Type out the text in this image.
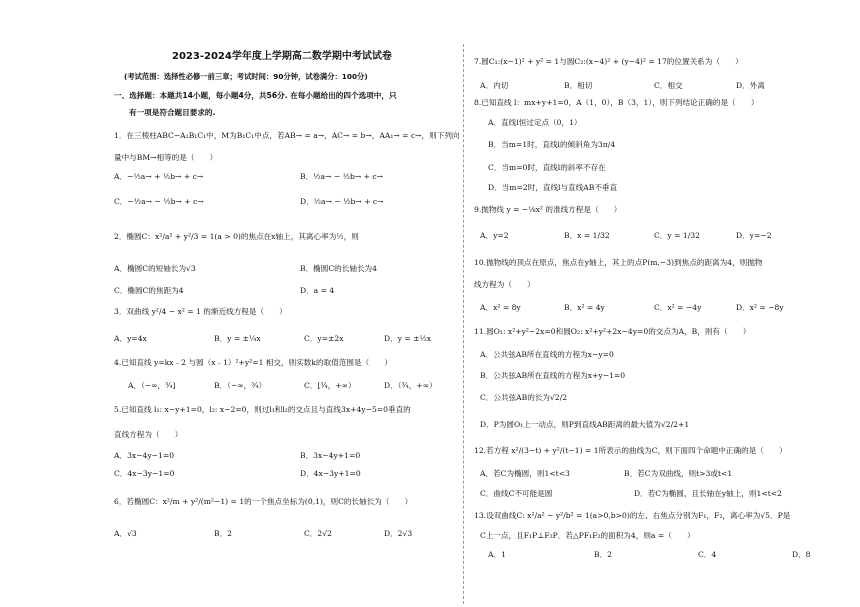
2023-2024学年度上学期高二数学期中考试试卷
(考试范围：选择性必修一前三章；考试时间：90分钟，试卷满分：100分)
一、选择题：本题共14小题，每小题4分，共56分. 在每小题给出的四个选项中，只
有一项是符合题目要求的.
1．在三棱柱ABC−A₁B₁C₁中，M为B₁C₁中点，若AB→ = a→，AC→ = b→，AA₁→ = c→，则下列向
量中与BM→相等的是（　　）
A．−½a→ + ½b→ + c→	B．½a→ − ½b→ + c→
C．−½a→ − ½b→ + c→	D．½a→ − ½b→ + c→
2．椭圆C：x²/a² + y²/3 = 1(a > 0)的焦点在x轴上，其离心率为½，则
A．椭圆C的短轴长为√3	B．椭圆C的长轴长为4
C．椭圆C的焦距为4	D．a = 4
3．双曲线 y²/4 − x² = 1 的渐近线方程是（　　）
A．y=4x	B．y = ±¼x	C．y=±2x	D．y = ±½x
4.已知直线 y=kx﹣2 与圆（x﹣1）²+y²=1 相交，则实数k的取值范围是（　　）
A．（−∞，¾]	B．（−∞，¾）	C．[¾，+∞）	D．（¾，+∞）
5.已知直线 l₁: x−y+1=0，l₂: x−2=0，则过l₁和l₂的交点且与直线3x+4y−5=0垂直的
直线方程为（　　）
A．3x−4y−1=0	B．3x−4y+1=0
C．4x−3y−1=0	D．4x−3y+1=0
6．若椭圆C：x²/m + y²/(m²−1) = 1的一个焦点坐标为(0,1)，则C的长轴长为（　　）
A．√3	B．2	C．2√2	D．2√3
7.圆C₁:(x−1)² + y² = 1与圆C₂:(x−4)² + (y−4)² = 17的位置关系为（　　）
A．内切	B．相切	C．相交	D．外离
8.已知直线 l：mx+y+1=0，A（1，0），B（3，1），则下列结论正确的是（　　）
A．直线l恒过定点（0，1）
B．当m=1时，直线l的倾斜角为3π/4
C．当m=0时，直线l的斜率不存在
D．当m=2时，直线l与直线AB不垂直
9.抛物线 y = −⅛x² 的准线方程是（　　）
A．y=2	B．x = 1/32	C．y = 1/32	D．y=−2
10.抛物线的顶点在原点，焦点在y轴上，其上的点P(m,−3)到焦点的距离为4，则抛物
线方程为（　　）
A．x² = 8y	B．x² = 4y	C．x² = −4y	D．x² = −8y
11.圆O₁: x²+y²−2x=0和圆O₂: x²+y²+2x−4y=0的交点为A，B，则有（　　）
A．公共弦AB所在直线的方程为x−y=0
B．公共弦AB所在直线的方程为x+y−1=0
C．公共弦AB的长为√2/2
D．P为圆O₁上一动点，则P到直线AB距离的最大值为√2/2+1
12.若方程 x²/(3−t) + y²/(t−1) = 1所表示的曲线为C，则下面四个命题中正确的是（　　）
A．若C为椭圆，则1<t<3	B．若C为双曲线，则t>3或t<1
C．曲线C不可能是圆	D．若C为椭圆，且长轴在y轴上，则1<t<2
13.设双曲线C: x²/a² − y²/b² = 1(a>0,b>0)的左、右焦点分别为F₁，F₂，离心率为√5．P是
C上一点，且F₁P⊥F₂P．若△PF₁F₂的面积为4，则a =（　　）
A．1	B．2	C．4	D．8
